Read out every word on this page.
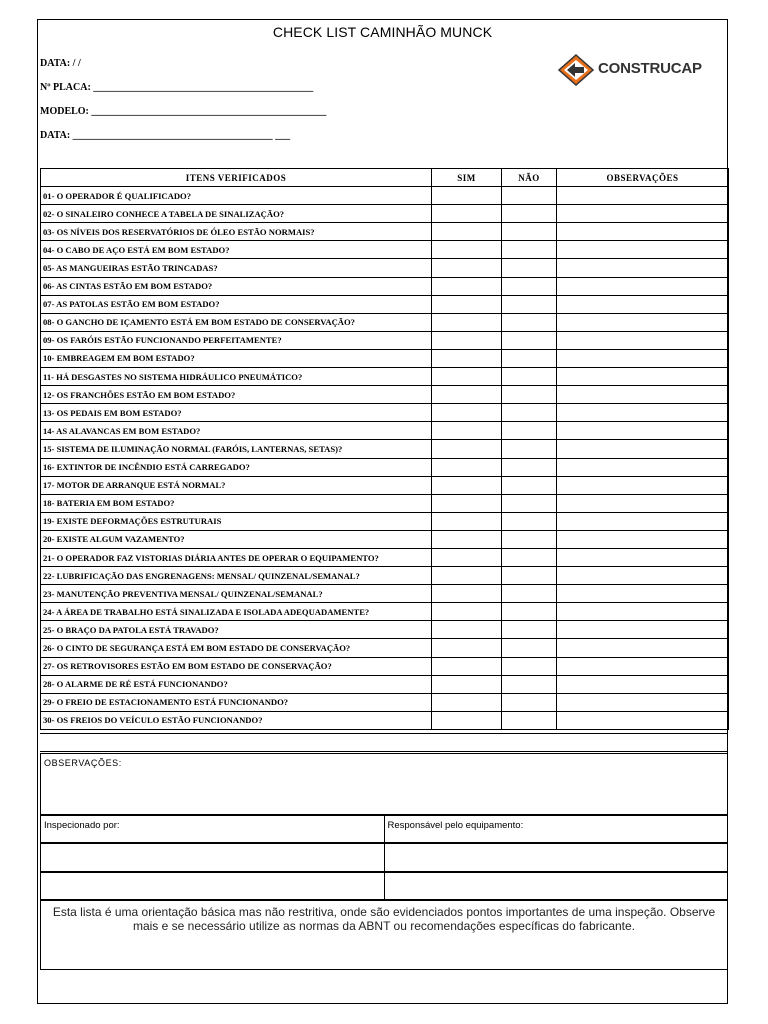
CHECK LIST CAMINHÃO MUNCK
DATA: / /
Nº PLACA: ____________________________________________
MODELO: _______________________________________________
DATA: ________________________________________ ___
CONSTRUCAP
ITENS VERIFICADOS	SIM	NÃO	OBSERVAÇÕES
01- O OPERADOR É QUALIFICADO?			
02- O SINALEIRO CONHECE A TABELA DE SINALIZAÇÃO?			
03- OS NÍVEIS DOS RESERVATÓRIOS DE ÓLEO ESTÃO NORMAIS?			
04- O CABO DE AÇO ESTÁ EM BOM ESTADO?			
05- AS MANGUEIRAS ESTÃO TRINCADAS?			
06- AS CINTAS ESTÃO EM BOM ESTADO?			
07- AS PATOLAS ESTÃO EM BOM ESTADO?			
08- O GANCHO DE IÇAMENTO ESTÁ EM BOM ESTADO DE CONSERVAÇÃO?			
09- OS FARÓIS ESTÃO FUNCIONANDO PERFEITAMENTE?			
10- EMBREAGEM EM BOM ESTADO?			
11- HÁ DESGASTES NO SISTEMA HIDRÁULICO PNEUMÁTICO?			
12- OS FRANCHÕES ESTÃO EM BOM ESTADO?			
13- OS PEDAIS EM BOM ESTADO?			
14- AS ALAVANCAS EM BOM ESTADO?			
15- SISTEMA DE ILUMINAÇÃO NORMAL (FARÓIS, LANTERNAS, SETAS)?			
16- EXTINTOR DE INCÊNDIO ESTÁ CARREGADO?			
17- MOTOR DE ARRANQUE ESTÁ NORMAL?			
18- BATERIA EM BOM ESTADO?			
19- EXISTE DEFORMAÇÕES ESTRUTURAIS			
20- EXISTE ALGUM VAZAMENTO?			
21- O OPERADOR FAZ VISTORIAS DIÁRIA ANTES DE OPERAR O EQUIPAMENTO?			
22- LUBRIFICAÇÃO DAS ENGRENAGENS: MENSAL/ QUINZENAL/SEMANAL?			
23- MANUTENÇÃO PREVENTIVA MENSAL/ QUINZENAL/SEMANAL?			
24- A ÁREA DE TRABALHO ESTÁ SINALIZADA E ISOLADA ADEQUADAMENTE?			
25- O BRAÇO DA PATOLA ESTÁ TRAVADO?			
26- O CINTO DE SEGURANÇA ESTÁ EM BOM ESTADO DE CONSERVAÇÃO?			
27- OS RETROVISORES ESTÃO EM BOM ESTADO DE CONSERVAÇÃO?			
28- O ALARME DE RÉ ESTÁ FUNCIONANDO?			
29- O FREIO DE ESTACIONAMENTO ESTÁ FUNCIONANDO?			
30- OS FREIOS DO VEÍCULO ESTÃO FUNCIONANDO?			
OBSERVAÇÕES:
Inspecionado por:	Responsável pelo equipamento:
Esta lista é uma orientação básica mas não restritiva, onde são evidenciados pontos importantes de uma inspeção. Observe mais e se necessário utilize as normas da ABNT ou recomendações específicas do fabricante.
